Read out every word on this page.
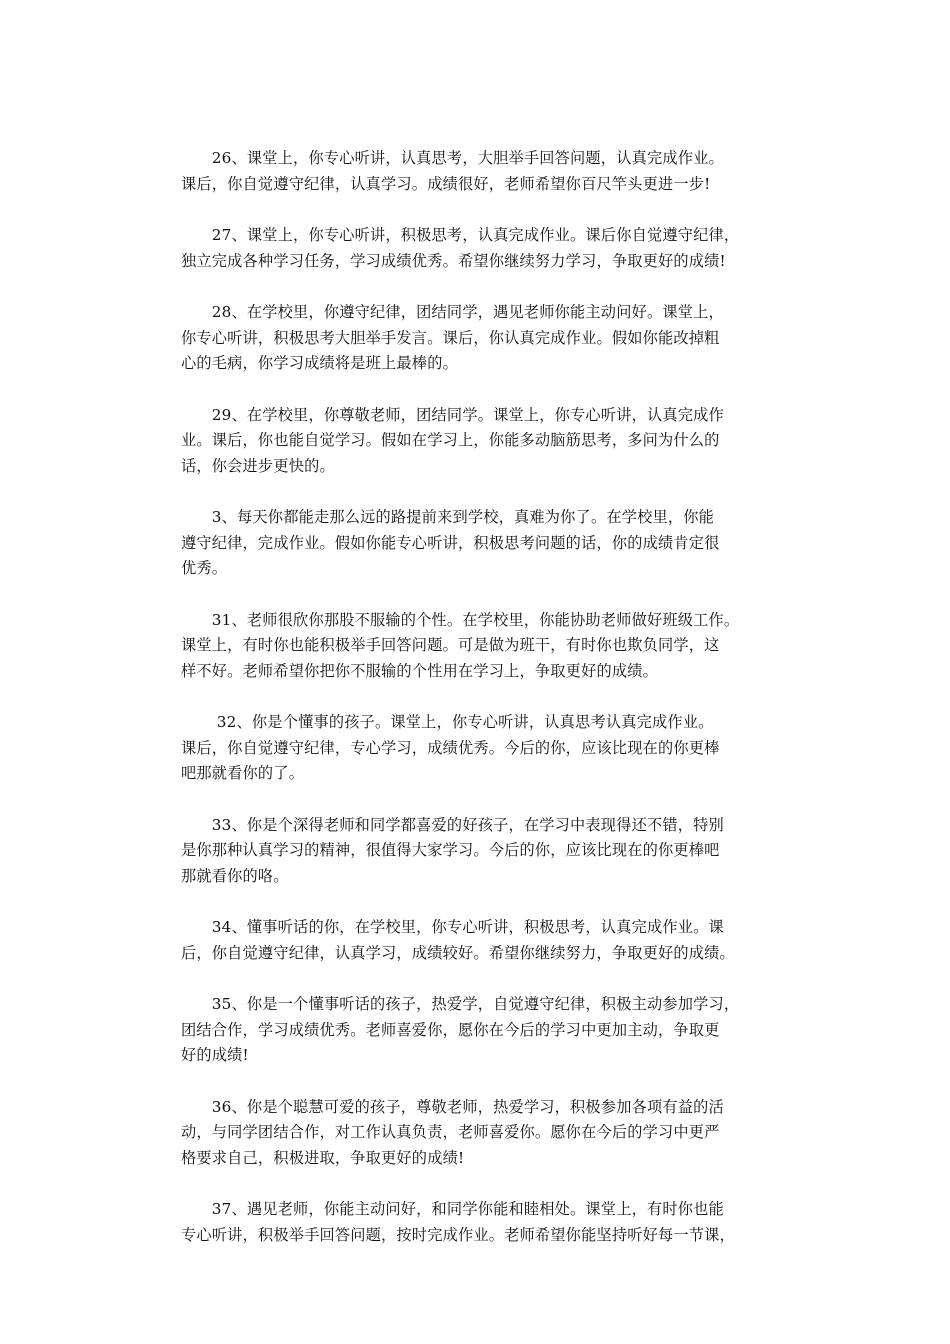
　　26、课堂上，你专心听讲，认真思考，大胆举手回答问题，认真完成作业。
课后，你自觉遵守纪律，认真学习。成绩很好，老师希望你百尺竿头更进一步!

　　27、课堂上，你专心听讲，积极思考，认真完成作业。课后你自觉遵守纪律，
独立完成各种学习任务，学习成绩优秀。希望你继续努力学习，争取更好的成绩!

　　28、在学校里，你遵守纪律，团结同学，遇见老师你能主动问好。课堂上，
你专心听讲，积极思考大胆举手发言。课后，你认真完成作业。假如你能改掉粗
心的毛病，你学习成绩将是班上最棒的。

　　29、在学校里，你尊敬老师，团结同学。课堂上，你专心听讲，认真完成作
业。课后，你也能自觉学习。假如在学习上，你能多动脑筋思考，多问为什么的
话，你会进步更快的。

　　3、每天你都能走那么远的路提前来到学校，真难为你了。在学校里，你能
遵守纪律，完成作业。假如你能专心听讲，积极思考问题的话，你的成绩肯定很
优秀。

　　31、老师很欣你那股不服输的个性。在学校里，你能协助老师做好班级工作。
课堂上，有时你也能积极举手回答问题。可是做为班干，有时你也欺负同学，这
样不好。老师希望你把你不服输的个性用在学习上，争取更好的成绩。

　　 32、你是个懂事的孩子。课堂上，你专心听讲，认真思考认真完成作业。
课后，你自觉遵守纪律，专心学习，成绩优秀。今后的你，应该比现在的你更棒
吧那就看你的了。

　　33、你是个深得老师和同学都喜爱的好孩子，在学习中表现得还不错，特别
是你那种认真学习的精神，很值得大家学习。今后的你，应该比现在的你更棒吧
那就看你的咯。

　　34、懂事听话的你，在学校里，你专心听讲，积极思考，认真完成作业。课
后，你自觉遵守纪律，认真学习，成绩较好。希望你继续努力，争取更好的成绩。

　　35、你是一个懂事听话的孩子，热爱学，自觉遵守纪律，积极主动参加学习，
团结合作，学习成绩优秀。老师喜爱你，愿你在今后的学习中更加主动，争取更
好的成绩!

　　36、你是个聪慧可爱的孩子，尊敬老师，热爱学习，积极参加各项有益的活
动，与同学团结合作，对工作认真负责，老师喜爱你。愿你在今后的学习中更严
格要求自己，积极进取，争取更好的成绩!

　　37、遇见老师，你能主动问好，和同学你能和睦相处。课堂上，有时你也能
专心听讲，积极举手回答问题，按时完成作业。老师希望你能坚持听好每一节课，
